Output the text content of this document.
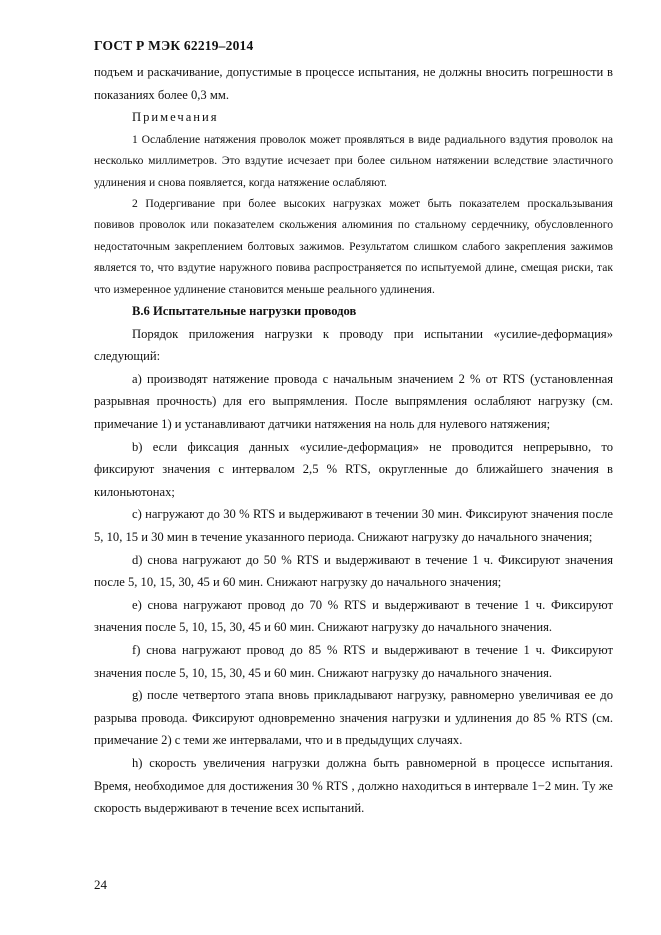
ГОСТ Р МЭК 62219–2014

подъем и раскачивание, допустимые в процессе испытания, не должны вносить погрешности в показаниях более 0,3 мм.

Примечания

1 Ослабление натяжения проволок может проявляться в виде радиального вздутия проволок на несколько миллиметров. Это вздутие исчезает при более сильном натяжении вследствие эластичного удлинения и снова появляется, когда натяжение ослабляют.

2 Подергивание при более высоких нагрузках может быть показателем проскальзывания повивов проволок или показателем скольжения алюминия по стальному сердечнику, обусловленного недостаточным закреплением болтовых зажимов. Результатом слишком слабого закрепления зажимов является то, что вздутие наружного повива распространяется по испытуемой длине, смещая риски, так что измеренное удлинение становится меньше реального удлинения.

В.6 Испытательные нагрузки проводов

Порядок приложения нагрузки к проводу при испытании «усилие-деформация» следующий:

a) производят натяжение провода с начальным значением 2 % от RTS (установленная разрывная прочность) для его выпрямления. После выпрямления ослабляют нагрузку (см. примечание 1) и устанавливают датчики натяжения на ноль для нулевого натяжения;

b) если фиксация данных «усилие-деформация» не проводится непрерывно, то фиксируют значения с интервалом 2,5 % RTS, округленные до ближайшего значения в килоньютонах;

c) нагружают до 30 % RTS и выдерживают в течении 30 мин. Фиксируют значения после 5, 10, 15 и 30 мин в течение указанного периода. Снижают нагрузку до начального значения;

d) снова нагружают до 50 % RTS и выдерживают в течение 1 ч. Фиксируют значения после 5, 10, 15, 30, 45 и 60 мин. Снижают нагрузку до начального значения;

e) снова нагружают провод до 70 % RTS и выдерживают в течение 1 ч. Фиксируют значения после 5, 10, 15, 30, 45 и 60 мин. Снижают нагрузку до начального значения.

f) снова нагружают провод до 85 % RTS и выдерживают в течение 1 ч. Фиксируют значения после 5, 10, 15, 30, 45 и 60 мин. Снижают нагрузку до начального значения.

g) после четвертого этапа вновь прикладывают нагрузку, равномерно увеличивая ее до разрыва провода. Фиксируют одновременно значения нагрузки и удлинения до 85 % RTS (см. примечание 2) с теми же интервалами, что и в предыдущих случаях.

h) скорость увеличения нагрузки должна быть равномерной в процессе испытания. Время, необходимое для достижения 30 % RTS , должно находиться в интервале 1−2 мин. Ту же скорость выдерживают в течение всех испытаний.

24
